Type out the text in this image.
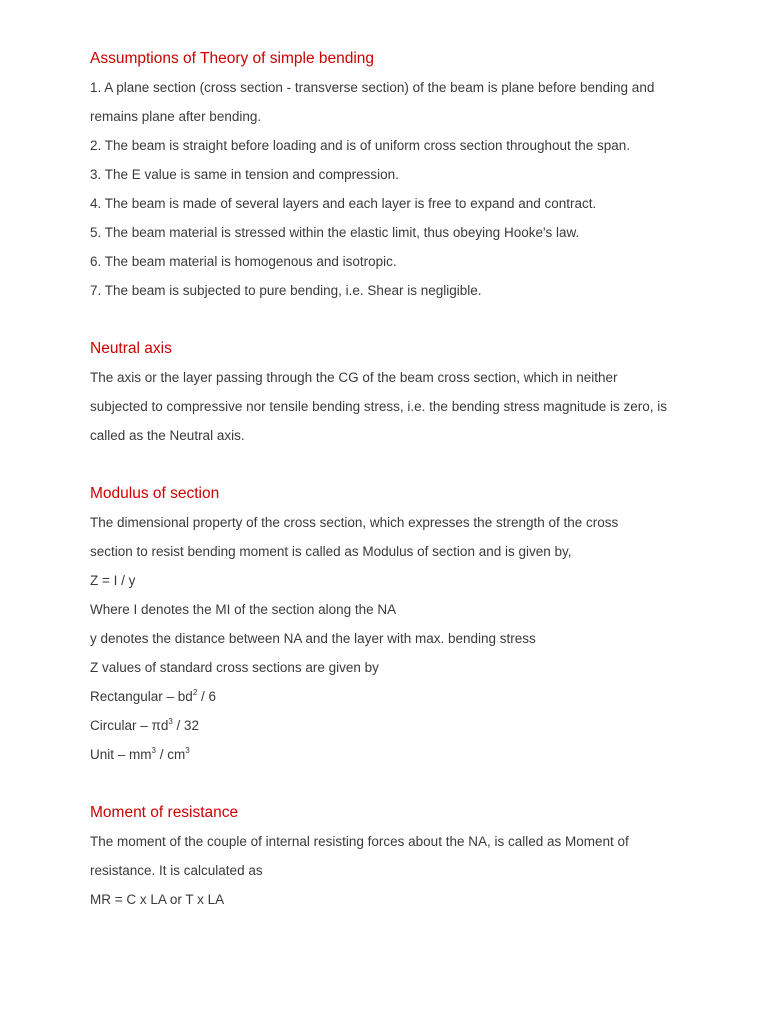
Assumptions of Theory of simple bending

1. A plane section (cross section - transverse section) of the beam is plane before bending and

remains plane after bending.

2. The beam is straight before loading and is of uniform cross section throughout the span.

3. The E value is same in tension and compression.

4. The beam is made of several layers and each layer is free to expand and contract.

5. The beam material is stressed within the elastic limit, thus obeying Hooke's law.

6. The beam material is homogenous and isotropic.

7. The beam is subjected to pure bending, i.e. Shear is negligible.

Neutral axis

The axis or the layer passing through the CG of the beam cross section, which in neither

subjected to compressive nor tensile bending stress, i.e. the bending stress magnitude is zero, is

called as the Neutral axis.

Modulus of section

The dimensional property of the cross section, which expresses the strength of the cross

section to resist bending moment is called as Modulus of section and is given by,

Z = I / y

Where I denotes the MI of the section along the NA

y denotes the distance between NA and the layer with max. bending stress

Z values of standard cross sections are given by

Rectangular – $bd^2 / 6$

Circular – $\pi d^3 / 32$

Unit – $mm^3 / cm^3$

Moment of resistance

The moment of the couple of internal resisting forces about the NA, is called as Moment of

resistance. It is calculated as

MR = C x LA or T x LA
